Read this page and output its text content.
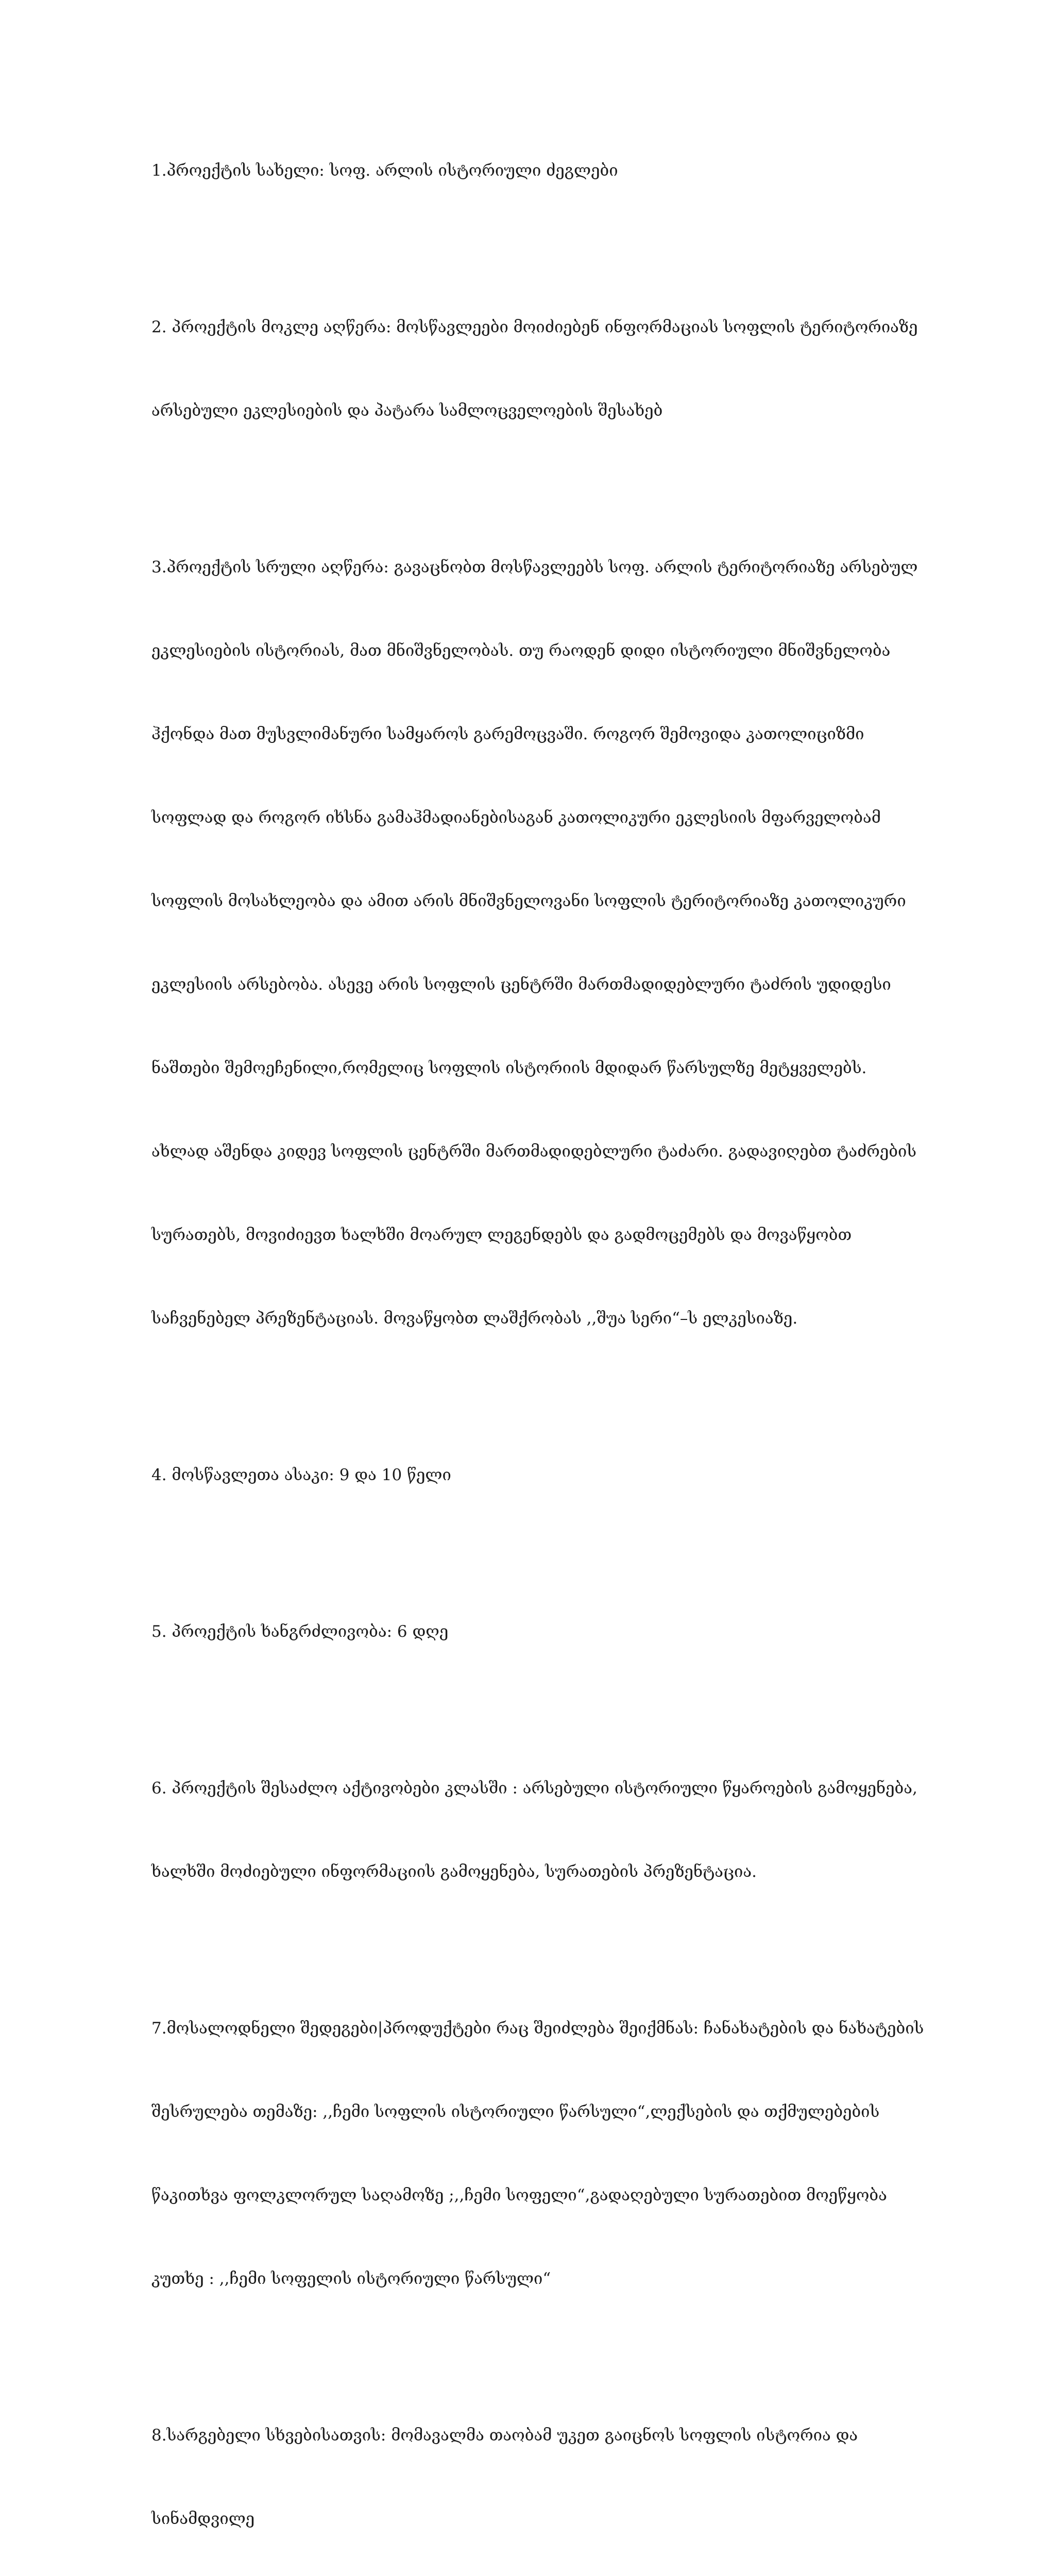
1.პროექტის სახელი: სოფ. არლის ისტორიული ძეგლები

2. პროექტის მოკლე აღწერა: მოსწავლეები მოიძიებენ ინფორმაციას სოფლის ტერიტორიაზე

არსებული ეკლესიების და პატარა სამლოცველოების შესახებ

3.პროექტის სრული აღწერა: გავაცნობთ მოსწავლეებს სოფ. არლის ტერიტორიაზე არსებულ

ეკლესიების ისტორიას, მათ მნიშვნელობას. თუ რაოდენ დიდი ისტორიული მნიშვნელობა

ჰქონდა მათ მუსვლიმანური სამყაროს გარემოცვაში. როგორ შემოვიდა კათოლიციზმი

სოფლად და როგორ იხსნა გამაჰმადიანებისაგან კათოლიკური ეკლესიის მფარველობამ

სოფლის მოსახლეობა და ამით არის მნიშვნელოვანი სოფლის ტერიტორიაზე კათოლიკური

ეკლესიის არსებობა. ასევე არის სოფლის ცენტრში მართმადიდებლური ტაძრის უდიდესი

ნაშთები შემოეჩენილი,რომელიც სოფლის ისტორიის მდიდარ წარსულზე მეტყველებს.

ახლად აშენდა კიდევ სოფლის ცენტრში მართმადიდებლური ტაძარი. გადავიღებთ ტაძრების

სურათებს, მოვიძიევთ ხალხში მოარულ ლეგენდებს და გადმოცემებს და მოვაწყობთ

საჩვენებელ პრეზენტაციას. მოვაწყობთ ლაშქრობას ,,შუა სერი“–ს ელკესიაზე.

4. მოსწავლეთა ასაკი: 9 და 10 წელი

5. პროექტის ხანგრძლივობა: 6 დღე

6. პროექტის შესაძლო აქტივობები კლასში : არსებული ისტორიული წყაროების გამოყენება,

ხალხში მოძიებული ინფორმაციის გამოყენება, სურათების პრეზენტაცია.

7.მოსალოდნელი შედეგები|პროდუქტები რაც შეიძლება შეიქმნას: ჩანახატების და ნახატების

შესრულება თემაზე: ,,ჩემი სოფლის ისტორიული წარსული“,ლექსების და თქმულებების

წაკითხვა ფოლკლორულ საღამოზე ;,,ჩემი სოფელი“,გადაღებული სურათებით მოეწყობა

კუთხე : ,,ჩემი სოფელის ისტორიული წარსული“

8.სარგებელი სხვებისათვის: მომავალმა თაობამ უკეთ გაიცნოს სოფლის ისტორია და

სინამდვილე
